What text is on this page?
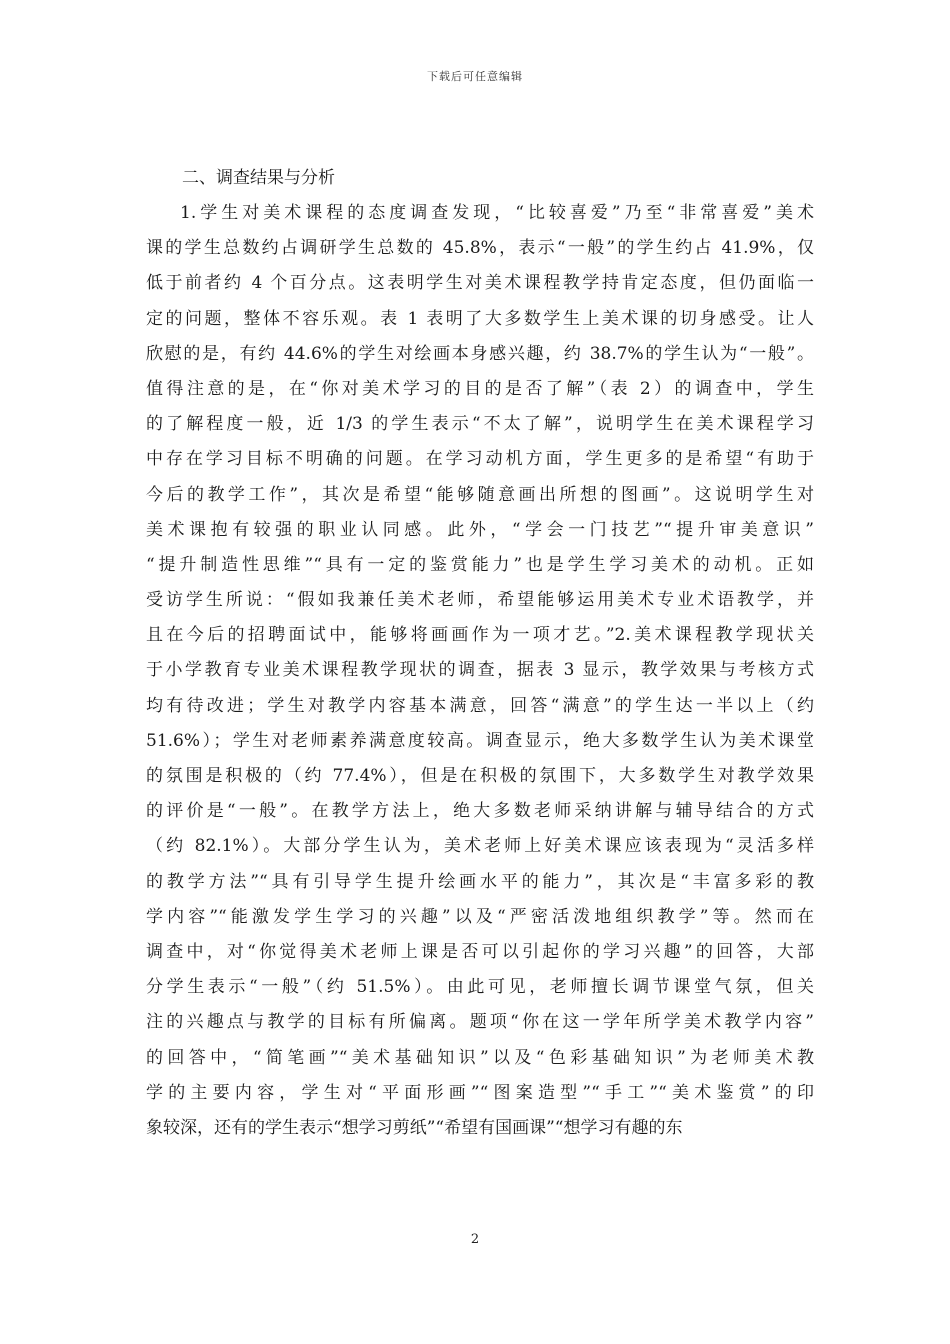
下载后可任意编辑
二、调查结果与分析
1.学生对美术课程的态度调查发现，“比较喜爱”乃至“非常喜爱”美术
课的学生总数约占调研学生总数的 45.8%，表示“一般”的学生约占 41.9%，仅
低于前者约 4 个百分点。这表明学生对美术课程教学持肯定态度，但仍面临一
定的问题，整体不容乐观。表 1 表明了大多数学生上美术课的切身感受。让人
欣慰的是，有约 44.6%的学生对绘画本身感兴趣，约 38.7%的学生认为“一般”。
值得注意的是，在“你对美术学习的目的是否了解”（表 2）的调查中，学生
的了解程度一般，近 1/3 的学生表示“不太了解”，说明学生在美术课程学习
中存在学习目标不明确的问题。在学习动机方面，学生更多的是希望“有助于
今后的教学工作”，其次是希望“能够随意画出所想的图画”。这说明学生对
美术课抱有较强的职业认同感。此外，“学会一门技艺”“提升审美意识”
“提升制造性思维”“具有一定的鉴赏能力”也是学生学习美术的动机。正如
受访学生所说：“假如我兼任美术老师，希望能够运用美术专业术语教学，并
且在今后的招聘面试中，能够将画画作为一项才艺。”2.美术课程教学现状关
于小学教育专业美术课程教学现状的调查，据表 3 显示，教学效果与考核方式
均有待改进；学生对教学内容基本满意，回答“满意”的学生达一半以上（约
51.6%）；学生对老师素养满意度较高。调查显示，绝大多数学生认为美术课堂
的氛围是积极的（约 77.4%），但是在积极的氛围下，大多数学生对教学效果
的评价是“一般”。在教学方法上，绝大多数老师采纳讲解与辅导结合的方式
（约 82.1%）。大部分学生认为，美术老师上好美术课应该表现为“灵活多样
的教学方法”“具有引导学生提升绘画水平的能力”，其次是“丰富多彩的教
学内容”“能激发学生学习的兴趣”以及“严密活泼地组织教学”等。然而在
调查中，对“你觉得美术老师上课是否可以引起你的学习兴趣”的回答，大部
分学生表示“一般”（约 51.5%）。由此可见，老师擅长调节课堂气氛，但关
注的兴趣点与教学的目标有所偏离。题项“你在这一学年所学美术教学内容”
的回答中，“简笔画”“美术基础知识”以及“色彩基础知识”为老师美术教
学的主要内容，学生对“平面形画”“图案造型”“手工”“美术鉴赏”的印
象较深，还有的学生表示“想学习剪纸”“希望有国画课”“想学习有趣的东
2
